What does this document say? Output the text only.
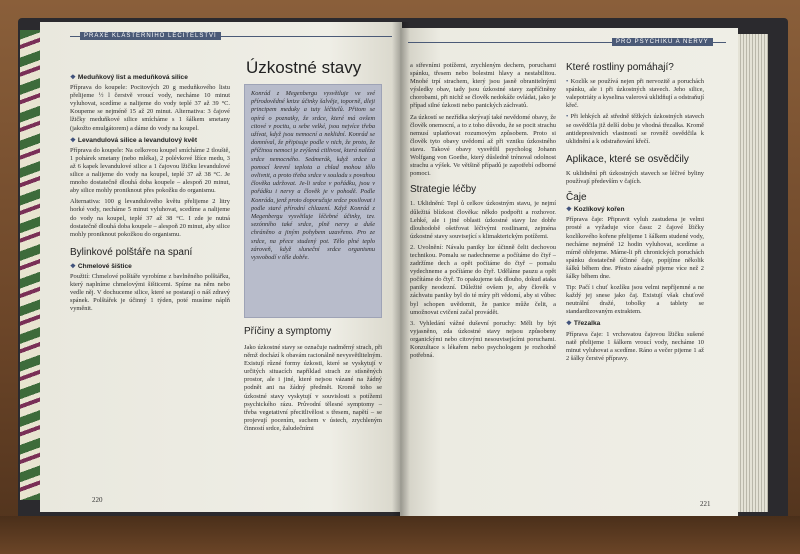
PRAXE KLÁŠTERNÍHO LÉČITELSTVÍ
❖ Meduňkový list a meduňková silice

Příprava do koupele: Pocitových 20 g meduňkového listu přelijeme ½ l čerstvě vroucí vody, necháme 10 minut vyluhovat, scedíme a nalijeme do vody teplé 37 až 39 °C. Koupeme se nejméně 15 až 20 minut. Alternativa: 3 čajové lžičky meduňkové silice smícháme s 1 šálkem smetany (jakožto emulgátorem) a dáme do vody na koupel.

❖ Levandulová silice a levandulový květ

Příprava do koupele: Na celkovou koupel smícháme 2 tlouště, 1 pohárek smetany (nebo mléka), 2 polévkové lžíce medu, 3 až 6 kapek levandulové silice a 1 čajovou lžičku levandulové silice a nalijeme do vody na koupel, teplé 37 až 38 °C. Je mnoho dostatečně dlouhá doba koupele – alespoň 20 minut, aby silice mohly proniknout přes pokožku do organismu.

Alternativa: 100 g levandulového květu přelijeme 2 litry horké vody, necháme 5 minut vyluhovat, scedíme a nalijeme do vody na koupel, teplé 37 až 38 °C. I zde je nutná dostatečně dlouhá doba koupele – alespoň 20 minut, aby silice mohly proniknout pokožkou do organismu.

Bylinkové polštáře na spaní
❖ Chmelové šištice

Použití: Chmelové polštáře vyrobíme z bavlněného polštářku, který naplníme chmelovými šišticemi. Spíme na něm nebo vedle něj. V dochuceme silice, které se postarají o náš zdravý spánek. Polštářek je účinný 1 týden, poté musíme náplň vyměnit.

Úzkostné stavy
Konrád z Megenbergu vysvětluje ve své přírodovědné knize účinky šalvěje, toporně, dleji principem meduky a tuty léčitelů. Přitom se opírá o poznatky, že srdce, které má ovšem citové v pocitu, u sebe velké, jsou nejvíce třeba užívat, když jsou nemocní a neklidní. Konrád se domníval, že připisuje podle v nich, že proto, že příčinou nemoci je zvýšená citlivost, která nalézá srdce nemocného. Sedmerák, když srdce a pomocí krevní teplota a chlad mohou tělo ovlivnit, a proto třeba srdce v souladu s povahou člověka udržovat. Je-li srdce v pořádku, jsou v pořádku i nervy a člověk je v pohodě. Podle Konráda, jenž proto doporučuje srdce posilovat i podle staré přírodní chlazení. Když Konrád z Megenbergu vysvětluje léčebné účinky, tzv. sezónního také srdce, plně nervy a duše chráněno a jiným pohybem uzavřeno. Pro ze srdce, na přece studený pot. Tělo plné teplo zároveň, když sluneční srdce organismu vysvobodí v těle dobře.
Příčiny a symptomy

Jako úzkostné stavy se označuje nadměrný strach, při němž dochází k obavám racionálně nevysvětlitelným. Existují různé formy úzkosti, které se vyskytují v určitých situacích například strach ze stísněných prostor, ale i jiné, které nejsou vázané na žádný podnět ani na žádný předmět. Kromě toho se úzkostné stavy vyskytují v souvislosti s potížemi psychického rázu. Průvodní tělesné symptomy – třeba vegetativní přecitlivělost s třesem, napětí – se projevují pocením, suchem v ústech, zrychleným činností srdce, žaludečními

220
PRO PSYCHIKU A NERVY

a střevními potížemi, zrychleným dechem, poruchami spánku, třesem nebo bolestmi hlavy a nestabilitou. Mnohé trpí strachem, který jsou jasně obranitelnými výsledky obav, tady jsou úzkostné stavy zapříčiněny chorobami, při nichž se člověk nedokáže ovládat, jako je případ silné úzkosti nebo panických záchvatů.

Za úzkostí se nezřídka skrývají také nevědomé obavy, že člověk onemocní, a to z toho důvodu, že se pocit strachu nemusí uplatňovat rozumovým způsobem. Proto si člověk tyto obavy uvědomí až při vzniku úzkostného stavu. Takové obavy vysvětlil psycholog Johann Wolfgang von Goethe, který důsledně trénoval odolnost strachu a výšek. Ve většině případů je zapotřebí odborné pomoci.

Strategie léčby

1. Uklidnění: Tepl ů celkov úzkostným stavu, je nejmí důležitá blízkost člověka: někdo podpořit a rozhovor. Lehké, ale i jiné oblasti úzkostné stavy lze dobře dlouhodobě ošetřovat léčivými rostlinami, zejména úzkostné stavy související s klimakterickým potížemi.

2. Uvolnění: Návalu paniky lze účinně čelit dechovou technikou. Pomalu se nadechneme a počítáme do čtyř – zadržíme dech a opět počítáme do čtyř – pomalu vydechneme a počítáme do čtyř. Uděláme pauzu a opět počítáme do čtyř. To opakujeme tak dlouho, dokud ataka paniky neodezní. Důležité ovšem je, aby člověk v záchvatu paniky byl do té míry při vědomí, aby si vůbec byl schopen uvědomit, že panice může čelit, a umožnovat cvičení začal provádět.

3. Vyhledání vážné duševní poruchy: Měli by být vyjasněno, zda úzkostné stavy nejsou způsobeny organickými nebo citovými nesouvisejícími poruchami. Konzultace s lékařem nebo psychologem je rozhodně potřebná.

Které rostliny pomáhají?

• Kozlík se používá nejen při nervozitě a poruchách spánku, ale i při úzkostných stavech. Jeho silice, valepotriáty a kyselina valerová uklidňují a odstraňují křeč.

• Při lehkých až středně těžkých úzkostných stavech se osvědčila již delší dobu je vhodná třezalka. Kromě antidepresivních vlastností se rovněž osvědčila k uklidnění a k odstraňování křečí.

Aplikace, které se osvědčily

K uklidnění při úzkostných stavech se léčivé byliny používají především v čajích.

Čaje
❖ Kozlíkový kořen

Příprava čaje: Připravit vyluh zastudena je velmi prosté a vyžaduje více času: 2 čajové lžičky kozlíkového kořene přelijeme 1 šálkem studené vody, necháme nejméně 12 hodin vyluhovat, scedíme a mírně ohřejeme. Máme-li při chronických poruchách spánku dostatečně účinné čaje, popíjíme několik šálků během dne. Přesto zásadně pijeme více než 2 šálky během dne.

Tip: Pačí i chuť kozlíku jsou velmi nepříjemné a ne každý jej snese jako čaj. Existují však chuťově neutrální dražé, tobolky a tablety se standardizovaným extraktem.

❖ Třezalka

Příprava čaje: 1 vrchovatou čajovou lžičku sušené natě přelijeme 1 šálkem vroucí vody, necháme 10 minut vyluhovat a scedíme. Ráno a večer pijeme 1 až 2 šálky čerstvé přípravy.

221
